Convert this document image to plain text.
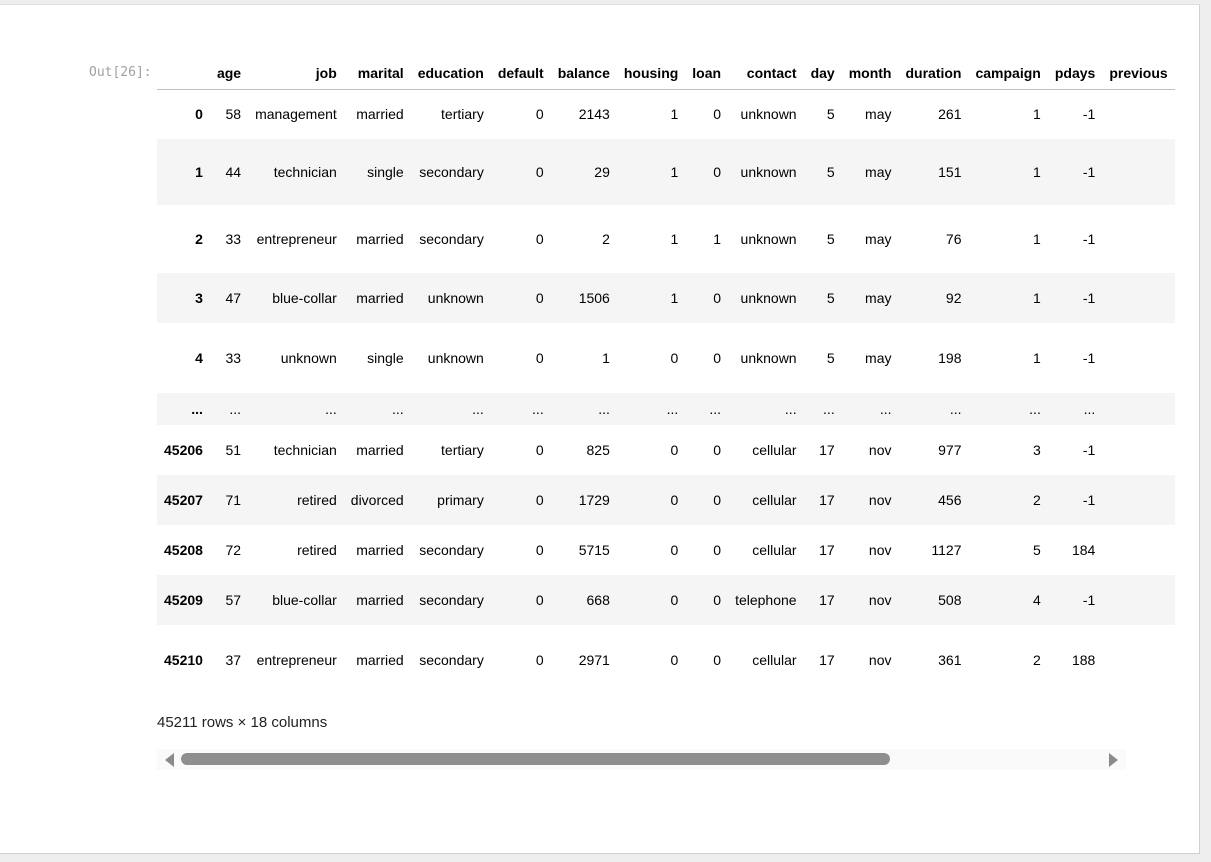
Out[26]:
		age	job	marital	education	default	balance	housing	loan	contact	day	month	duration	campaign	pdays	previous
0	58	management	married	tertiary	0	2143	1	0	unknown	5	may	261	1	-1	
1	44	technician	single	secondary	0	29	1	0	unknown	5	may	151	1	-1	
2	33	entrepreneur	married	secondary	0	2	1	1	unknown	5	may	76	1	-1	
3	47	blue-collar	married	unknown	0	1506	1	0	unknown	5	may	92	1	-1	
4	33	unknown	single	unknown	0	1	0	0	unknown	5	may	198	1	-1	
...	...	...	...	...	...	...	...	...	...	...	...	...	...	...	
45206	51	technician	married	tertiary	0	825	0	0	cellular	17	nov	977	3	-1	
45207	71	retired	divorced	primary	0	1729	0	0	cellular	17	nov	456	2	-1	
45208	72	retired	married	secondary	0	5715	0	0	cellular	17	nov	1127	5	184	
45209	57	blue-collar	married	secondary	0	668	0	0	telephone	17	nov	508	4	-1	
45210	37	entrepreneur	married	secondary	0	2971	0	0	cellular	17	nov	361	2	188	
45211 rows × 18 columns
